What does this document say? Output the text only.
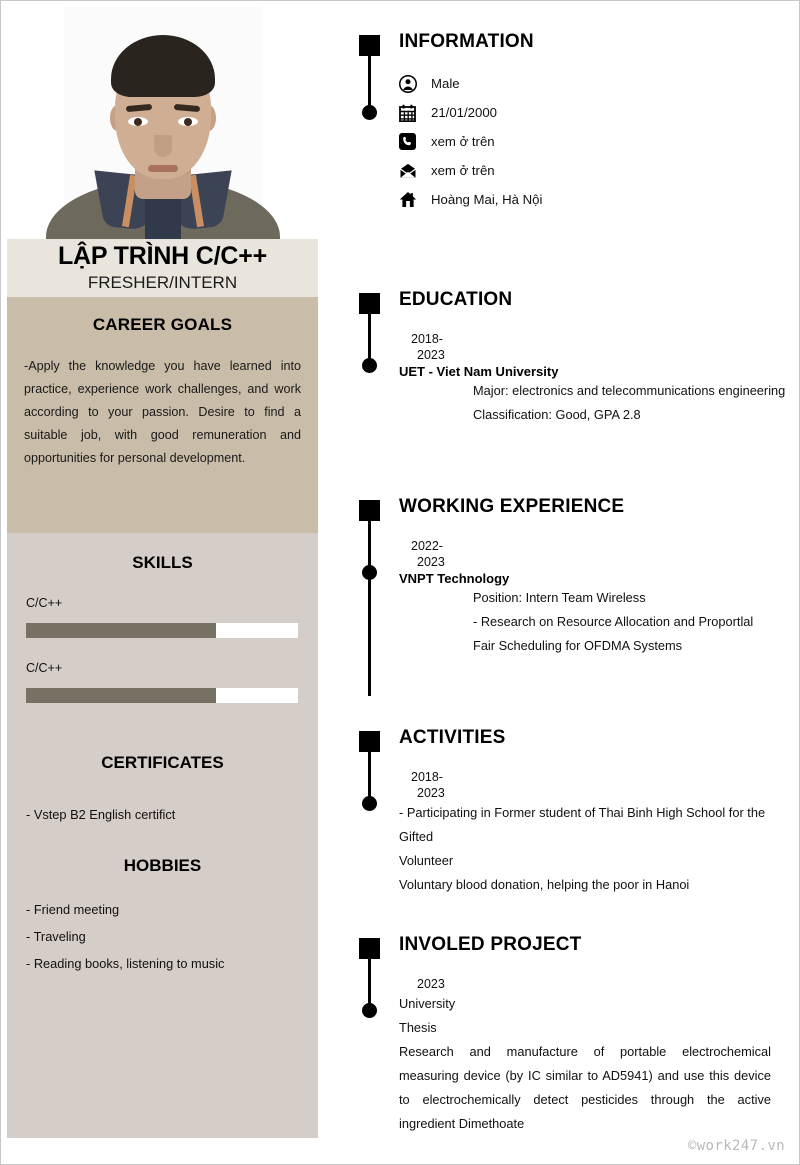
LẬP TRÌNH C/C++
FRESHER/INTERN
CAREER GOALS
-Apply the knowledge you have learned into practice, experience work challenges, and work according to your passion. Desire to find a suitable job, with good remuneration and opportunities for personal development.
SKILLS
C/C++
C/C++
CERTIFICATES
- Vstep B2 English certifict
HOBBIES
- Friend meeting
- Traveling
- Reading books, listening to music
INFORMATION
Male
21/01/2000
xem ở trên
xem ở trên
Hoàng Mai, Hà Nội
EDUCATION
2018-
2023
UET - Viet Nam University
Major: electronics and telecommunications engineering
Classification: Good, GPA 2.8
WORKING EXPERIENCE
2022-
2023
VNPT Technology
Position: Intern Team Wireless
- Research on Resource Allocation and Proportlal Fair Scheduling for OFDMA Systems
ACTIVITIES
2018-
2023
- Participating in Former student of Thai Binh High School for the Gifted
Volunteer
Voluntary blood donation, helping the poor in Hanoi
INVOLED PROJECT
2023
University
Thesis
Research and manufacture of portable electrochemical measuring device (by IC similar to AD5941) and use this device to electrochemically detect pesticides through the active ingredient Dimethoate
©work247.vn
